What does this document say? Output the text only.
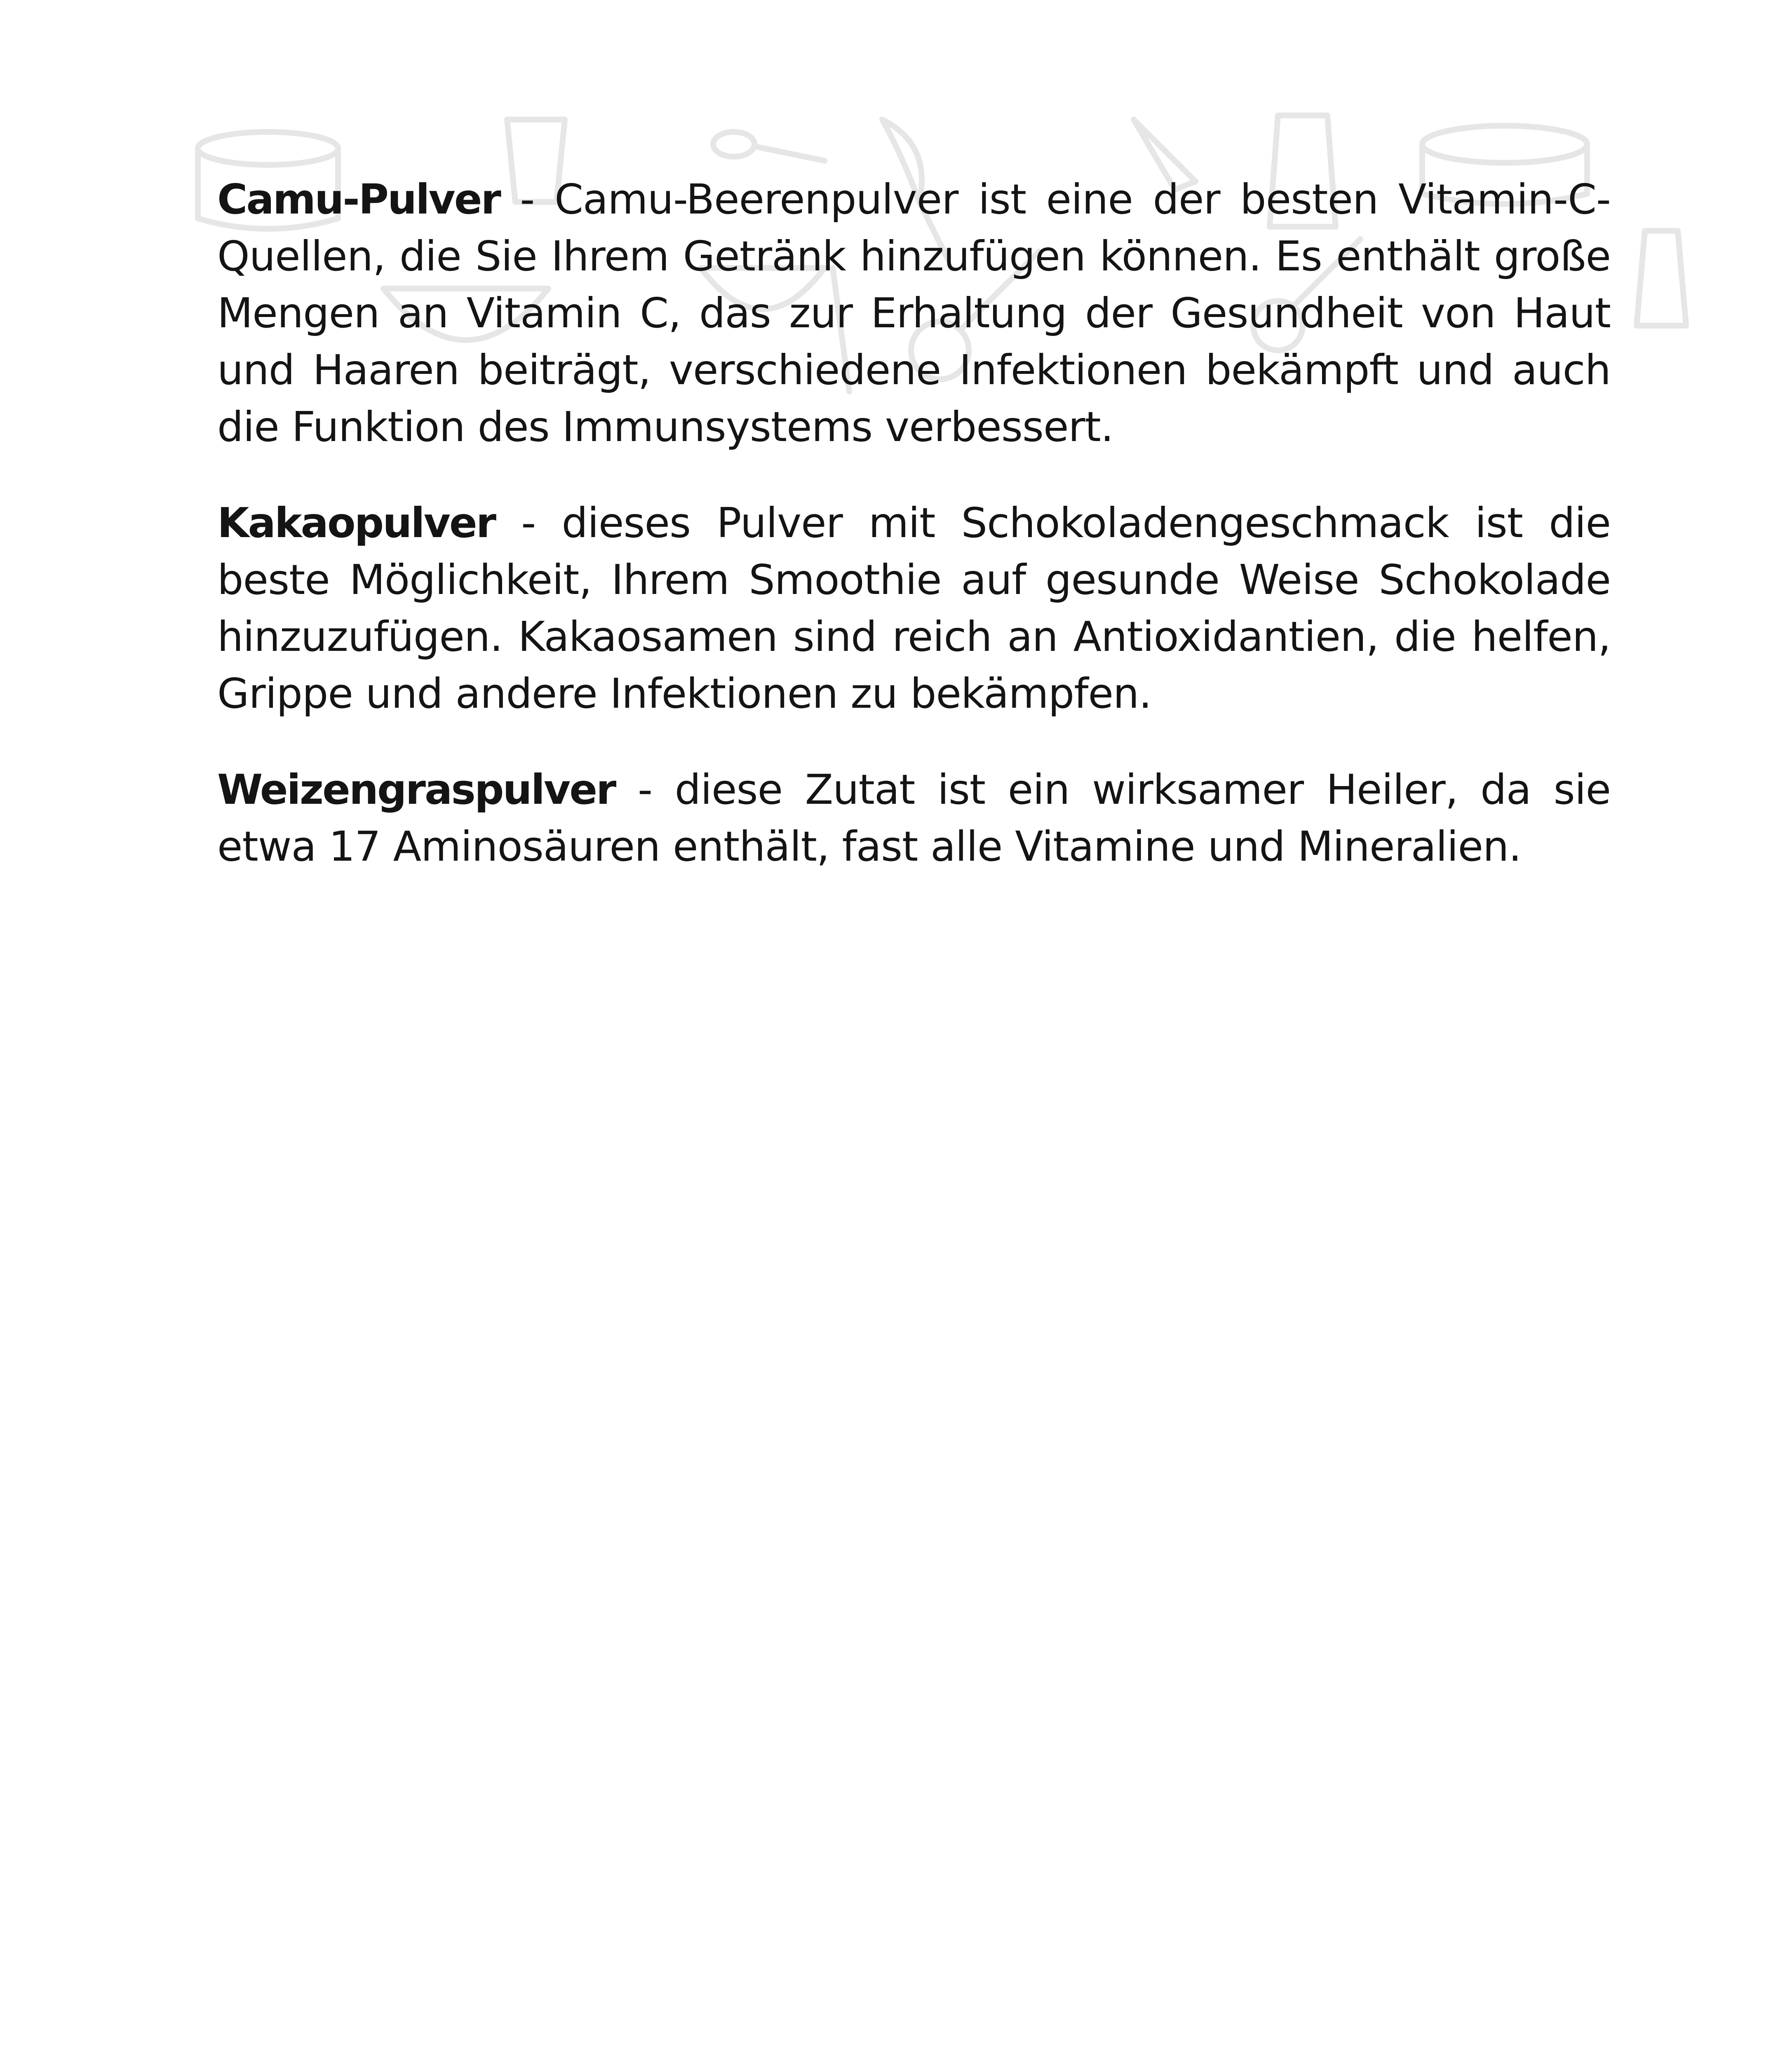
Camu-Pulver - Camu-Beerenpulver ist eine der besten Vitamin-C-Quellen, die Sie Ihrem Getränk hinzufügen können. Es enthält große Mengen an Vitamin C, das zur Erhaltung der Gesundheit von Haut und Haaren beiträgt, verschiedene Infektionen bekämpft und auch die Funktion des Immunsystems verbessert.

Kakaopulver - dieses Pulver mit Schokoladengeschmack ist die beste Möglichkeit, Ihrem Smoothie auf gesunde Weise Schokolade hinzuzufügen. Kakaosamen sind reich an Antioxidantien, die helfen, Grippe und andere Infektionen zu bekämpfen.

Weizengraspulver - diese Zutat ist ein wirksamer Heiler, da sie etwa 17 Aminosäuren enthält, fast alle Vitamine und Mineralien.
